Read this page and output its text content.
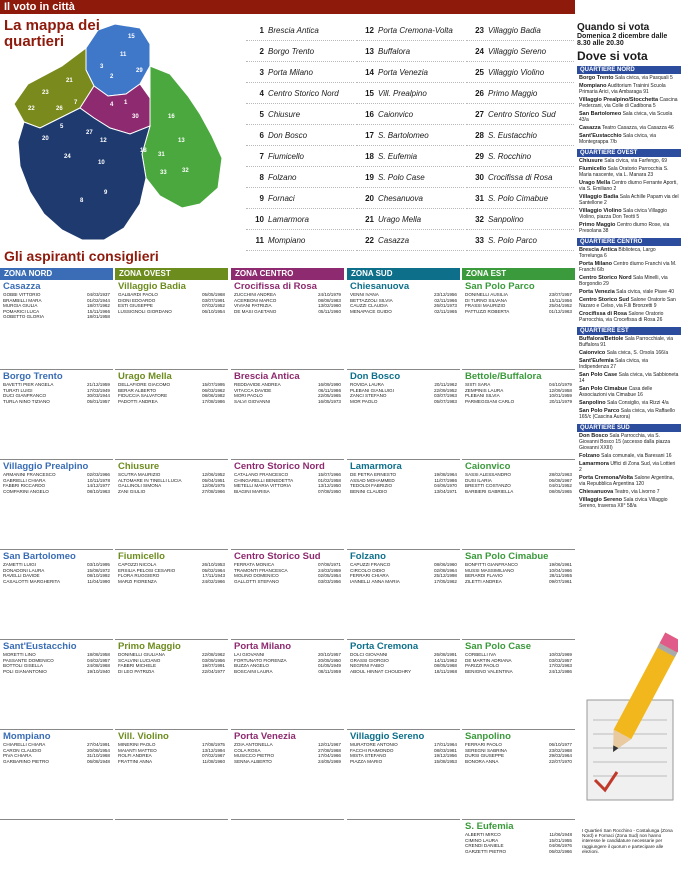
Il voto in città
15
11
3
2
29
21
23
22	26
7	4 1
30	16
13
31
32
33
18
12
27
20
24
10
9
8
5
La mappa dei quartieri
1 Brescia Antica
2 Borgo Trento
3 Porta Milano
4 Centro Storico Nord
5 Chiusure
6 Don Bosco
7 Fiumicello
8 Folzano
9 Fornaci
10 Lamarmora
11 Mompiano
12 Porta Cremona-Volta
13 Buffalora
14 Porta Venezia
15 Vill. Prealpino
16 Caionvico
17 S. Bartolomeo
18 S. Eufemia
19 S. Polo Case
20 Chesanuova
21 Urago Mella
22 Casazza
23 Villaggio Badia
24 Villaggio Sereno
25 Villaggio Violino
26 Primo Maggio
27 Centro Storico Sud
28 S. Eustacchio
29 S. Rocchino
30 Crocifissa di Rosa
31 S. Polo Cimabue
32 Sanpolino
33 S. Polo Parco
Gli aspiranti consiglieri
ZONA NORD
Casazza
GOBBI VITTORIO	04/03/1937
BRAMBILLI MARA	01/02/1944
MURGIA GIULIA	18/07/1962
POMARICI LUCA	15/11/1966
GOBETTO GLORIA	18/01/1958
Borgo Trento
BAVETTI PIER ANGELA	21/12/1959
TURATI LUIGI	17/03/1949
DUCI GIANFRANCO	30/03/1944
TURLA NINO TIZIANO	05/01/1957
Villaggio Prealpino
ARMANINI FRANCESCO	02/03/1966
GABRIELLI CHIARA	10/11/1978
FABBRI RICCARDO	14/12/1977
COMPARINI ANGELO	08/10/1963
San Bartolomeo
ZAMETTI LUIGI	03/10/1995
DONADONI LAURA	15/08/1972
RAVELLI DAVIDE	08/10/1992
CASALOTTI MARGHERITA	11/04/1990
Sant'Eustacchio
MORETTI LINO	18/08/1958
PASSANTE DOMENICO	04/02/1957
BOTTOLI GISELLA	24/08/1968
POLI GIANANTONIO	19/10/1940
Mompiano
CHIARELLI CHIARA	27/04/1991
CARON CLAUDIO	20/08/1954
PIVA CHIARA	31/10/1968
GARBARINO PIETRO	06/08/1948
ZONA OVEST
Villaggio Badia
GALBARDI PAOLO	05/05/1968
DIONI EDOARDO	03/07/1991
ESTI GIUSEPPE	07/02/1952
LUSSIGNOLI GIORDANO	06/10/1954
Urago Mella
DELLAFIORE GIACOMO	15/07/1995
BERAR ALBERTO	06/03/1962
FIDUCCIA SALVATORE	08/06/1982
PADOTTI ANDREA	17/08/1986
Chiusure
SCUTRA MAURIZIO	12/06/1952
ALTOMARE IN TINELLI LUCIA	05/04/1951
GALLINOLI SIMONA	12/06/1975
ZANI GIULIO	27/08/1966
Fiumicello
CAPOZZI NICOLA	26/10/1953
ERSILIA PELOSI CESARIO	05/02/1964
FLORA RUGGIERO	17/11/1943
MARZI FIORENZA	24/02/1966
Primo Maggio
DONINELLI GIULIANA	22/08/1962
SCALVINI LUCIANO	03/09/1956
FABBRI MICHELE	19/07/1991
DI LEO PATRIZIA	22/04/1977
Vill. Violino
MINERINI PAOLO	17/08/1975
MAIANTI MATTEO	13/12/1994
ROLFI ANDREA	07/02/1967
FRATTINI ANNA	11/08/1960
ZONA CENTRO
Crocifissa di Rosa
ZUCCHINI ANDREA	24/10/1979
ACERBONI MARCO	08/08/1983
VIVIANI PATRIZIA	13/02/1960
DE MASI GAETANO	05/11/1960
Brescia Antica
REDDAVIDE ANDREA	16/09/1990
VITACCA DAVIDE	06/11/1986
MORI PAOLO	22/05/1965
SALVI GIOVANNI	16/05/1973
Centro Storico Nord
CATALANO FRANCESCO	15/07/1966
CHINGARELLI BENEDETTA	01/02/1958
METELLI MARIA VITTORIA	13/12/1950
BIAGINI MARISA	07/08/1950
Centro Storico Sud
FERRATA MONICA	07/08/1971
TRAMONTI FRANCESCA	24/03/1959
MOLINO DOMENICO	02/05/1954
GALLOTTI STEFANO	03/03/1956
Porta Milano
LAI GIOVANNI	20/10/1957
FORTUNATO FIORENZA	20/05/1950
BUZZA ANGELO	01/05/1949
BOSCAINI LAURA	08/11/1959
Porta Venezia
ZOIA ANTONELLA	12/01/1967
COLA ROSA	27/08/1968
MUSICCO PIETRO	17/04/1966
SENNA ALBERTO	24/05/1969
ZONA SUD
Chiesanuova
VENNI IVANA	23/12/1956
BETTAZZOLI SILVIA	02/11/1966
CAUZZI CLAUDIA	26/01/1973
MENAPACE GUIDO	02/11/1965
Don Bosco
ROVIDA LAURA	20/11/1962
PLEBANI GIANLUIGI	22/09/1952
ZANCI STEFANO	03/07/1963
MOR PAOLO	05/07/1983
Lamarmora
DE PETRA ERNESTO	19/08/1964
ASSAD MOHAMMED	11/07/1986
TEDOLDI FABRIZIO	04/06/1970
BENINI CLAUDIO	13/04/1971
Folzano
CAPUZZI FRANCO	08/06/1960
CIRCOLO DIDIO	02/08/1964
FERRARI CHIARA	25/12/1998
IANNELLI ANNA MARIA	17/05/1962
Porta Cremona
DOLCI GIOVANNI	26/08/1991
GRASSI GIORGIO	14/11/1962
NEGRINI FABIO	08/05/1968
ABOUL HINNAT CHOUDHRY	18/11/1968
Villaggio Sereno
MURATORE ANTONIO	17/01/1964
FACCHI RAIMONDO	08/03/1981
MISTA STEFANO	19/12/1956
PIAZZA MARIO	15/08/1953
ZONA EST
San Polo Parco
DONINELLI AUSILIA	23/07/1957
DI TURNO SILVANA	15/11/1956
FRASSI MAURIZIO	25/04/1952
PATTUZZI ROBERTA	01/12/1963
Bettole/Buffalora
SISTI SARA	04/10/1979
ZEMPINIS LAURA	12/09/1958
PLEBANI SILVIA	10/01/1959
PARMEGGIANI CARLO	20/11/1979
Caionvico
SASSI ALESSANDRO	28/02/1963
DUSI ILARIA	06/08/1967
BRESTTI COSTANZO	04/01/1952
BARBIERI GABRIELLA	08/05/1965
San Polo Cimabue
BONFITTI GIANFRANCO	19/06/1961
MUSSI MASSIMILIANO	10/04/1966
BERARDI FLAVIO	28/11/1955
ZILETTI ANDREA	09/07/1961
San Polo Case
CORBELLI IVA	10/03/1969
DE MARTIN ADRIANA	03/03/1957
PARIZZI PAOLO	17/02/1963
BENIGNO VALENTINA	24/12/1986
Sanpolino
FERRARI PAOLO	06/10/1977
SEREGNI SABRINA	23/02/1968
DURSI GIUSEPPE	29/03/1964
BONORA ANNA	22/07/1970
S. Eufemia
ALBERTI MIRCO	11/06/1948
CIMINO LAURA	15/01/1955
CRENDI DANIELE	04/06/1976
GARZETTI PIETRO	06/02/1966
Quando si vota
Domenica 2 dicembre dalle 8.30 alle 20.30
Dove si vota
QUARTIERE NORD
Borgo Trento Sala civica, via Pasquali 5
Mompiano Auditorium Trainini Scuola Primaria Arici, via Ambaraga 91
Villaggio Prealpino/Stocchetta Cascina Pederzani, via Colle di Cadibona 5
San Bartolomeo Sala civica, via Scuola 43/a
Casazza Teatro Casazza, via Casazza 46
Sant'Eustacchio Sala civica, via Montegrappa 7/b
QUARTIERE OVEST
Chiusure Sala civica, via Farfengo, 69
Fiumicello Sala Oratorio Parrocchia S. Maria nascente, via L. Manara 23
Urago Mella Centro diurno Ferrante Aporti, via S. Emiliano 2
Villaggio Badia Sala Achille Papam via del Santellone 2
Villaggio Violino Sala civica Villaggio Violino, piazza Don Teotti 5
Primo Maggio Centro diurno Rose, via Presolana 38
QUARTIERE CENTRO
Brescia Antica Biblioteca, Largo Torrelunga 6
Porta Milano Centro diurno Franchi via M. Franchi 6/b
Centro Storico Nord Sala Minelli, via Borgondio 29
Porta Venezia Sala civica, viale Piave 40
Centro Storico Sud Salone Oratorio San Nazaro e Celso, via F.lli Bronzetti 9
Crocifissa di Rosa Salone Oratorio Parrocchia, via Crocefissa di Rosa 26
QUARTIERE EST
Buffalora/Bettole Sala Parrocchiale, via Buffalora 91
Caionvico Sala civica, S. Orsola 166/a
Sant'Eufemia Sala civica, via Indipendenza 27
San Polo Case Sala civica, via Sabbioneta 14
San Polo Cimabue Casa delle Associazioni via Cimabue 16
Sanpolino Sala Consiglio, via Rizzi 4/a
San Polo Parco Sala civica, via Raffaello 165/c (Cascina Aurora)
QUARTIERE SUD
Don Bosco Sala Parrocchia, via S. Giovanni Bosco 15 (accesso dalla piazza Giovanni XXIII)
Folzano Sala comunale, via Baresani 16
Lamarmora Uffici di Zona Sud, via Lottieri 2
Porta Cremona/Volta Salone Argentina, via Repubblica Argentina 120
Chiesanuova Teatro, via Livorno 7
Villaggio Sereno Sala civica Villaggio Sereno, traversa XII° 58/a
I Quartieri San Rocchino - Costalunga (Zona Nord) e Fornaci (Zona Sud) non hanno interesse le candidature necessarie per raggiungere il quorum e partecipare alle elezioni.
